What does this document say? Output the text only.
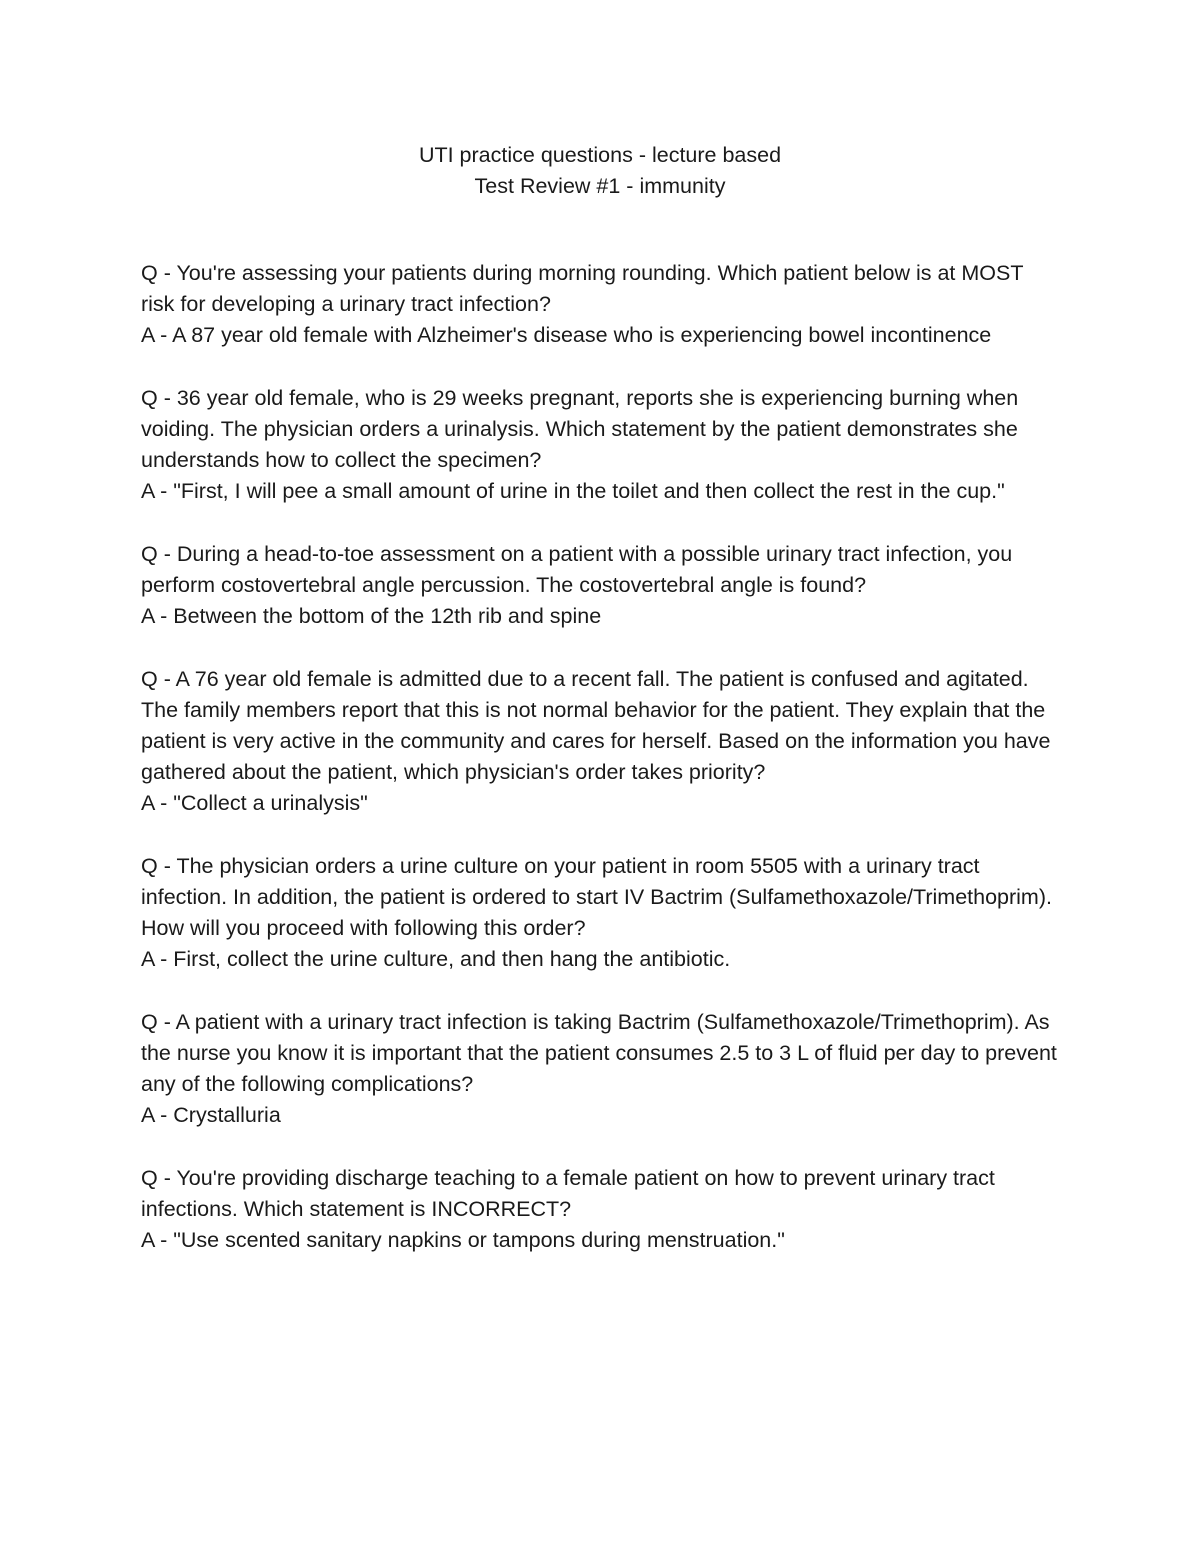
UTI practice questions - lecture based
Test Review #1 - immunity

Q - You're assessing your patients during morning rounding. Which patient below is at MOST risk for developing a urinary tract infection?

A - A 87 year old female with Alzheimer's disease who is experiencing bowel incontinence

Q - 36 year old female, who is 29 weeks pregnant, reports she is experiencing burning when voiding. The physician orders a urinalysis. Which statement by the patient demonstrates she understands how to collect the specimen?

A - "First, I will pee a small amount of urine in the toilet and then collect the rest in the cup."

Q - During a head-to-toe assessment on a patient with a possible urinary tract infection, you perform costovertebral angle percussion. The costovertebral angle is found?

A - Between the bottom of the 12th rib and spine

Q - A 76 year old female is admitted due to a recent fall. The patient is confused and agitated. The family members report that this is not normal behavior for the patient. They explain that the patient is very active in the community and cares for herself. Based on the information you have gathered about the patient, which physician's order takes priority?

A - "Collect a urinalysis"

Q - The physician orders a urine culture on your patient in room 5505 with a urinary tract infection. In addition, the patient is ordered to start IV Bactrim (Sulfamethoxazole/Trimethoprim). How will you proceed with following this order?

A - First, collect the urine culture, and then hang the antibiotic.

Q - A patient with a urinary tract infection is taking Bactrim (Sulfamethoxazole/Trimethoprim). As the nurse you know it is important that the patient consumes 2.5 to 3 L of fluid per day to prevent any of the following complications?

A - Crystalluria

Q - You're providing discharge teaching to a female patient on how to prevent urinary tract infections. Which statement is INCORRECT?

A - "Use scented sanitary napkins or tampons during menstruation."
